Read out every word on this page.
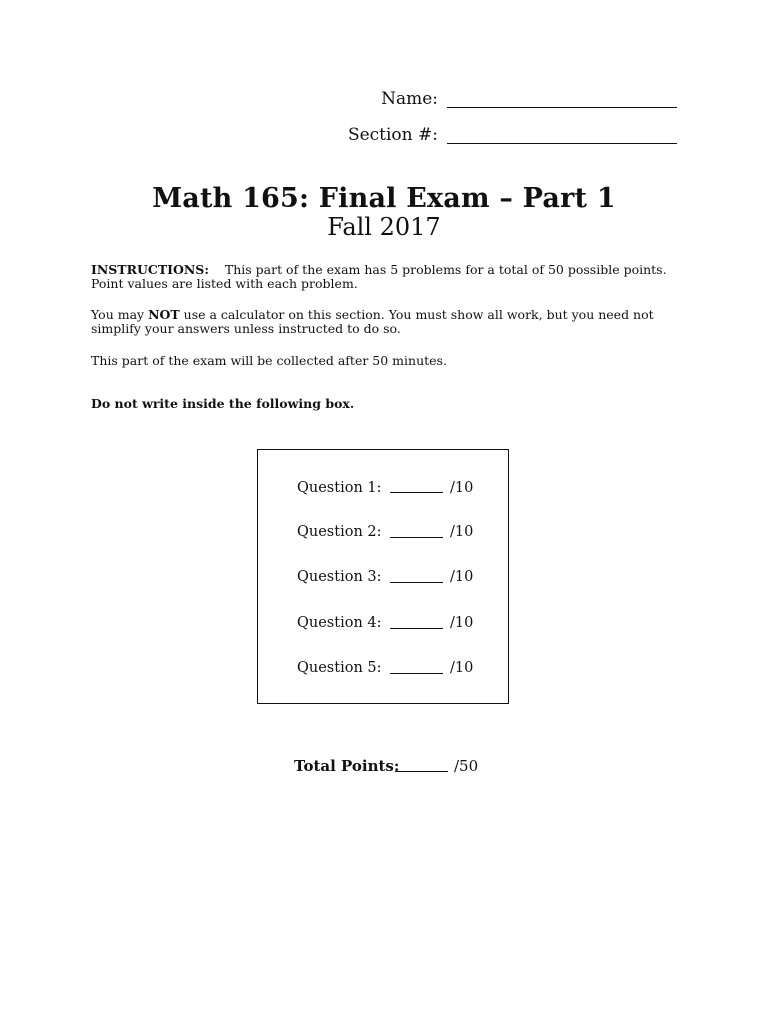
Name:
Section #:
Math 165: Final Exam – Part 1
Fall 2017
INSTRUCTIONS: This part of the exam has 5 problems for a total of 50 possible points. Point values are listed with each problem.
You may NOT use a calculator on this section. You must show all work, but you need not simplify your answers unless instructed to do so.
This part of the exam will be collected after 50 minutes.
Do not write inside the following box.
Question 1:	/10
Question 2:	/10
Question 3:	/10
Question 4:	/10
Question 5:	/10
Total Points:	/50
